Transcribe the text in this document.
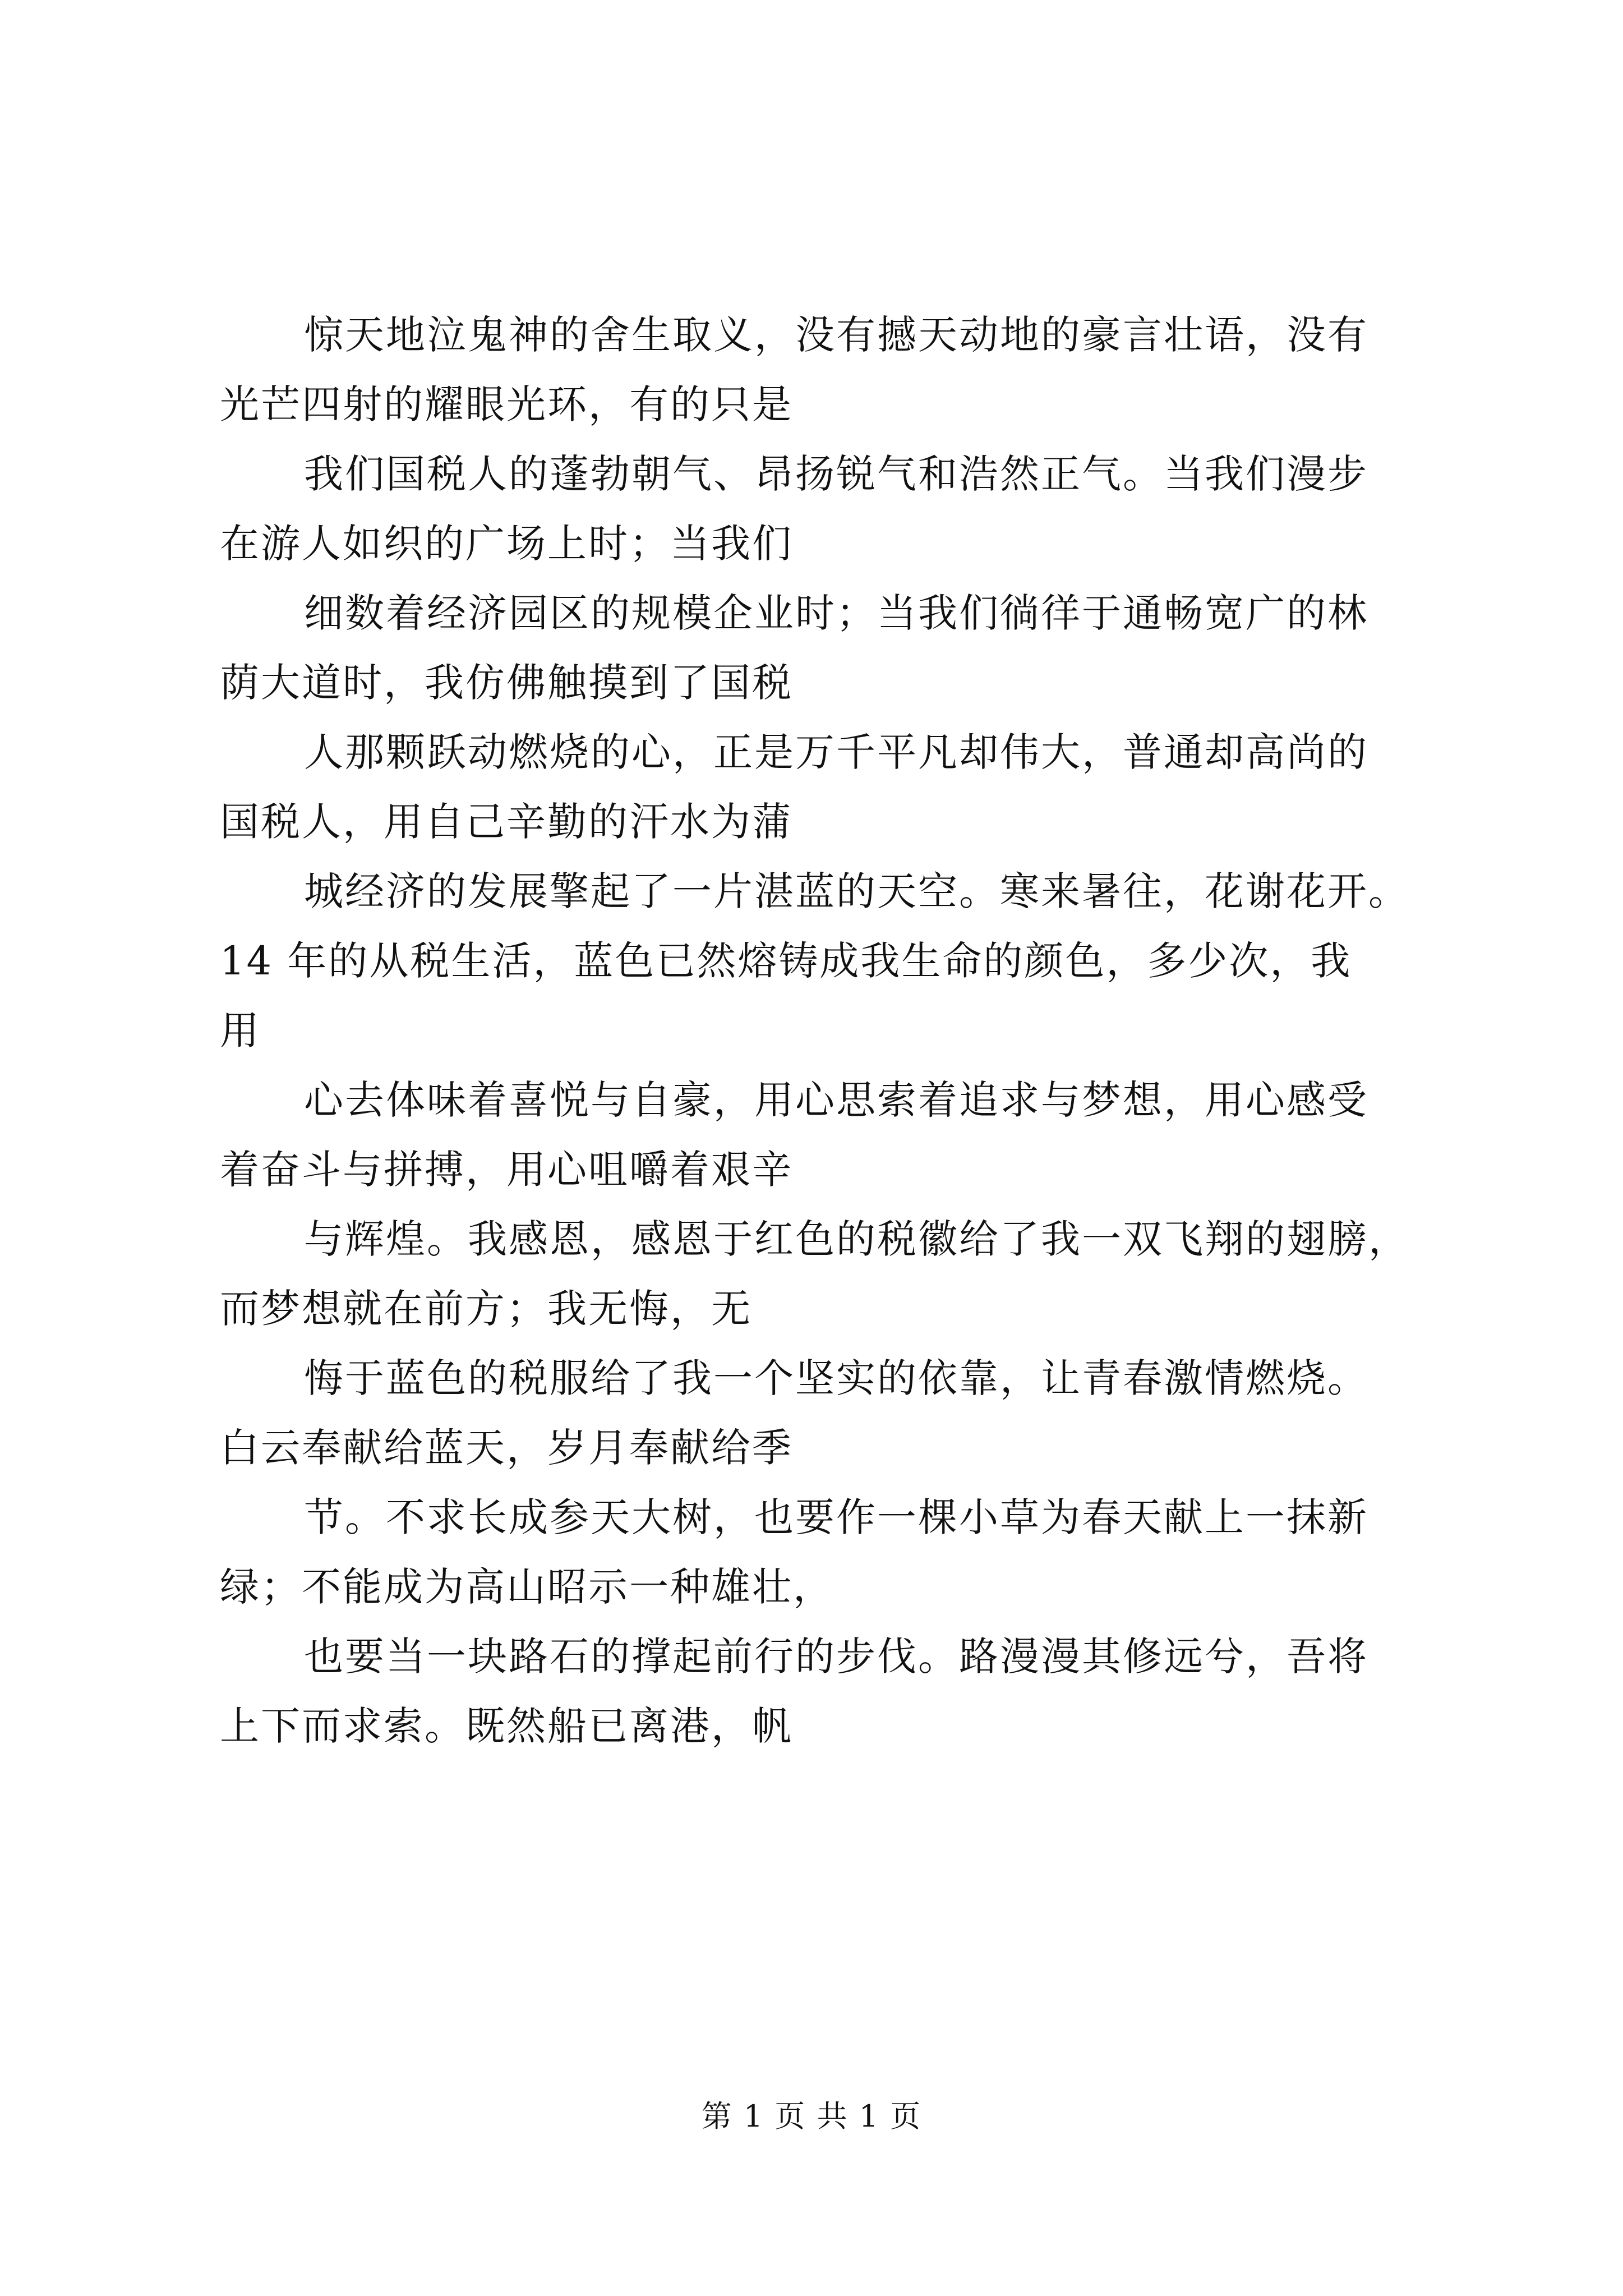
惊天地泣鬼神的舍生取义，没有撼天动地的豪言壮语，没有
光芒四射的耀眼光环，有的只是
我们国税人的蓬勃朝气、昂扬锐气和浩然正气。当我们漫步
在游人如织的广场上时；当我们
细数着经济园区的规模企业时；当我们徜徉于通畅宽广的林
荫大道时，我仿佛触摸到了国税
人那颗跃动燃烧的心，正是万千平凡却伟大，普通却高尚的
国税人，用自己辛勤的汗水为蒲
城经济的发展擎起了一片湛蓝的天空。寒来暑往，花谢花开。
14 年的从税生活，蓝色已然熔铸成我生命的颜色，多少次，我
用
心去体味着喜悦与自豪，用心思索着追求与梦想，用心感受
着奋斗与拼搏，用心咀嚼着艰辛
与辉煌。我感恩，感恩于红色的税徽给了我一双飞翔的翅膀，
而梦想就在前方；我无悔，无
悔于蓝色的税服给了我一个坚实的依靠，让青春激情燃烧。
白云奉献给蓝天，岁月奉献给季
节。不求长成参天大树，也要作一棵小草为春天献上一抹新
绿；不能成为高山昭示一种雄壮，
也要当一块路石的撑起前行的步伐。路漫漫其修远兮，吾将
上下而求索。既然船已离港，帆
第 1 页 共 1 页
